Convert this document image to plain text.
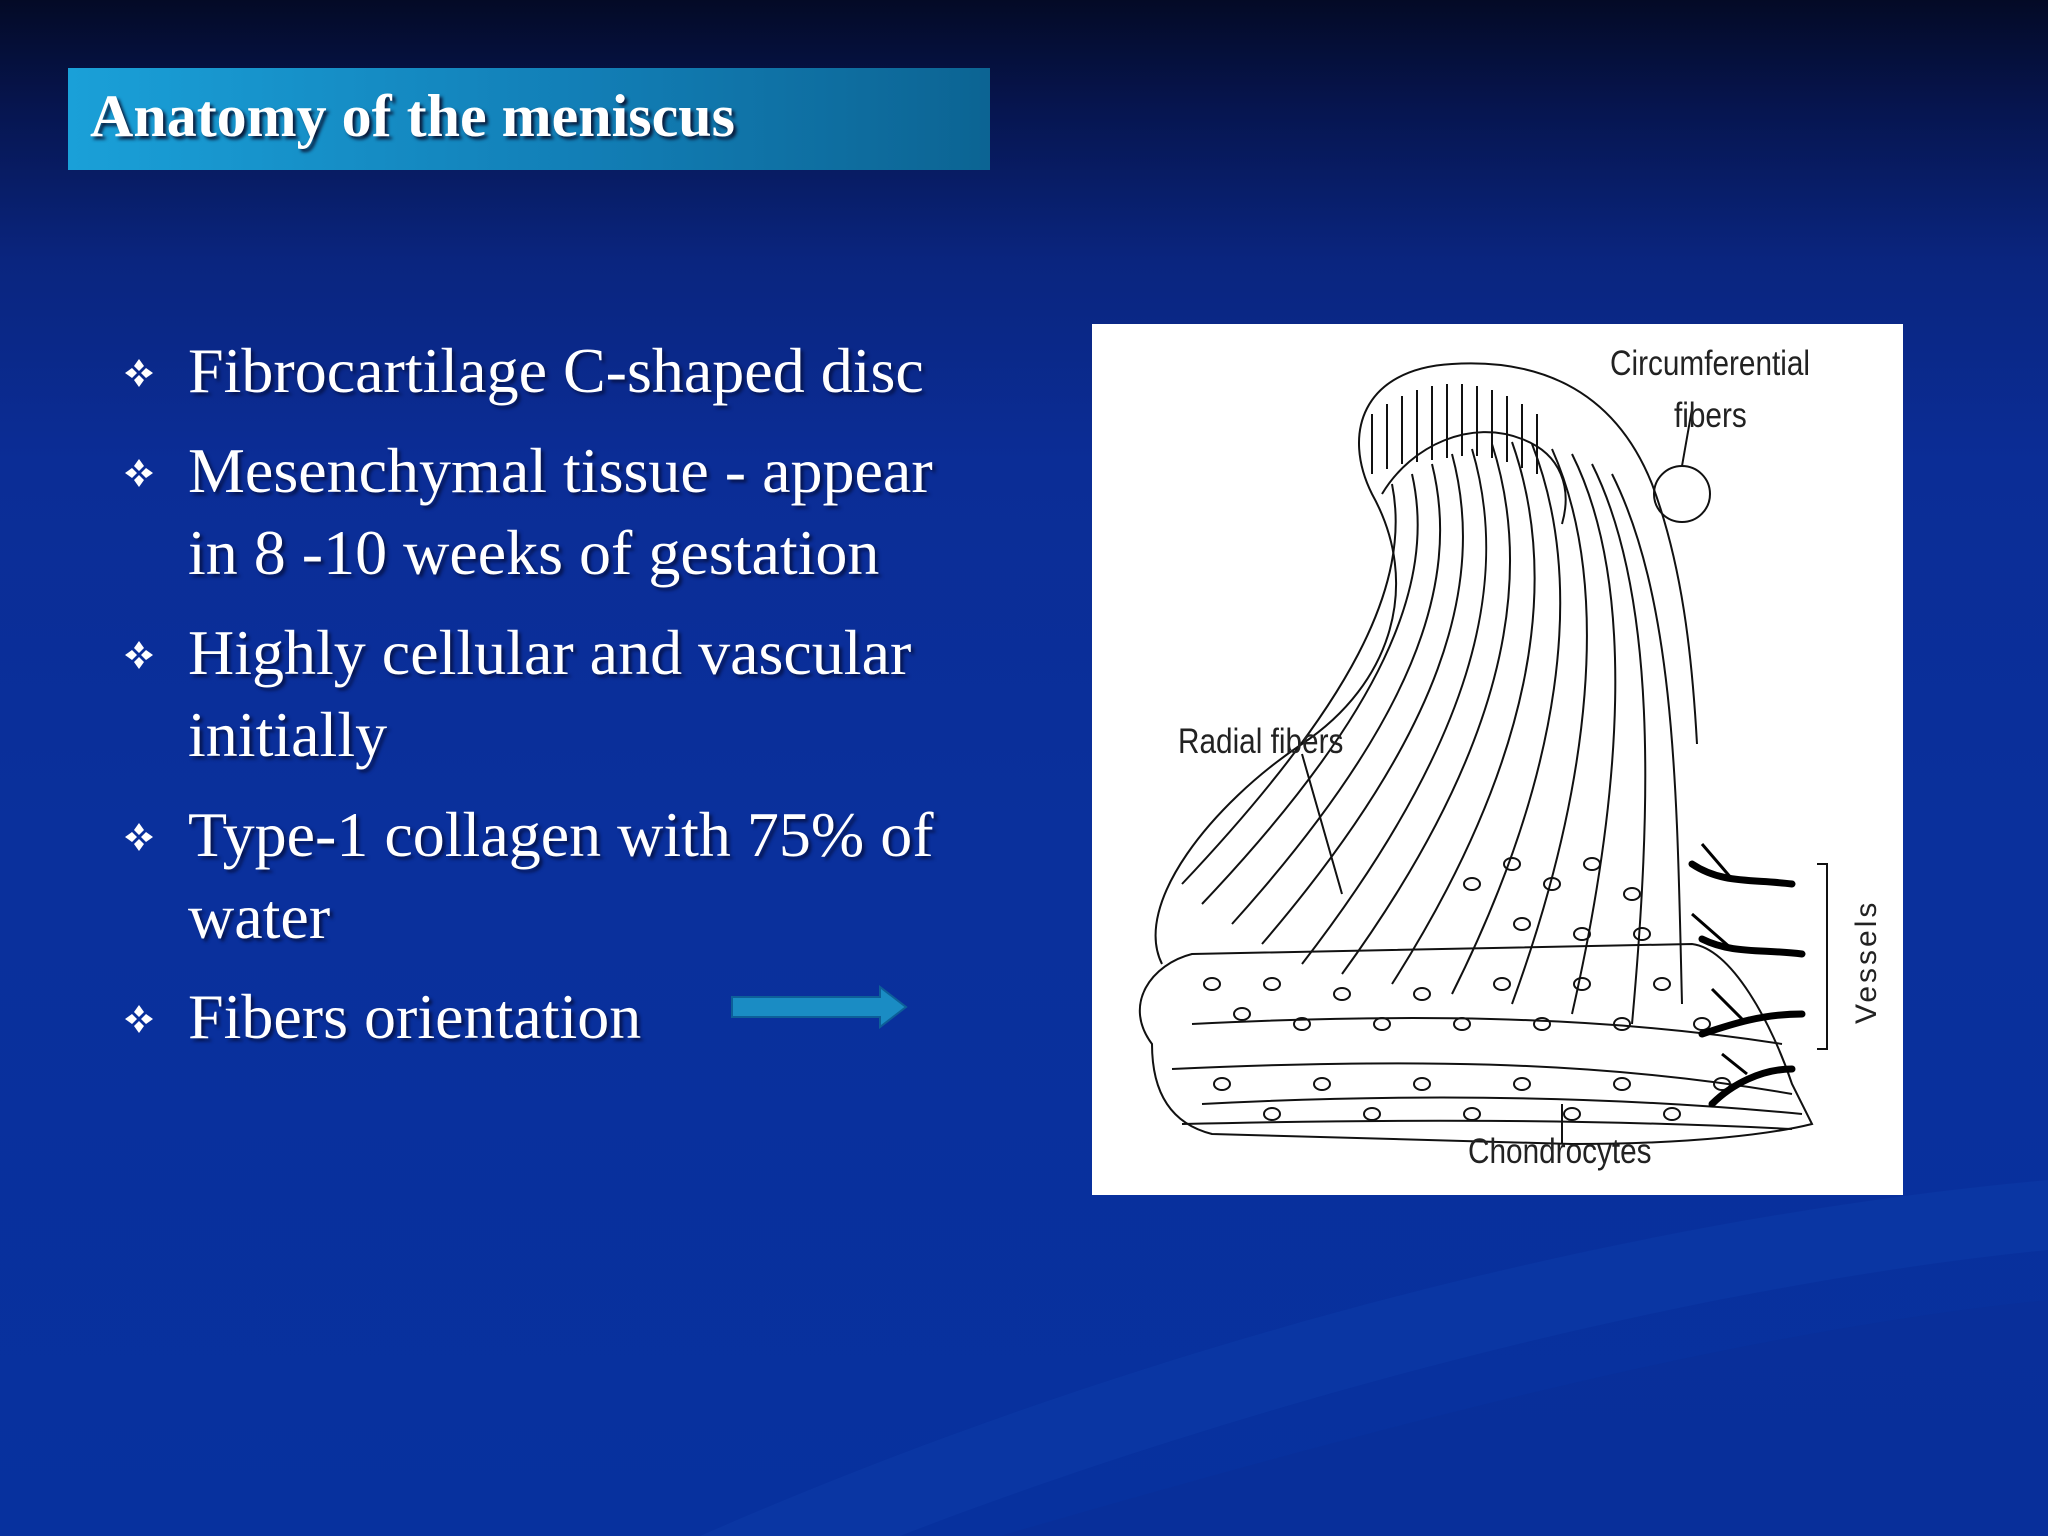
Anatomy of the meniscus
Fibrocartilage C-shaped disc
Mesenchymal tissue - appear in 8 -10 weeks of gestation
Highly cellular and vascular initially
Type-1 collagen with 75% of water
Fibers orientation
Circumferential
fibers
Radial fibers
Vessels
Chondrocytes
